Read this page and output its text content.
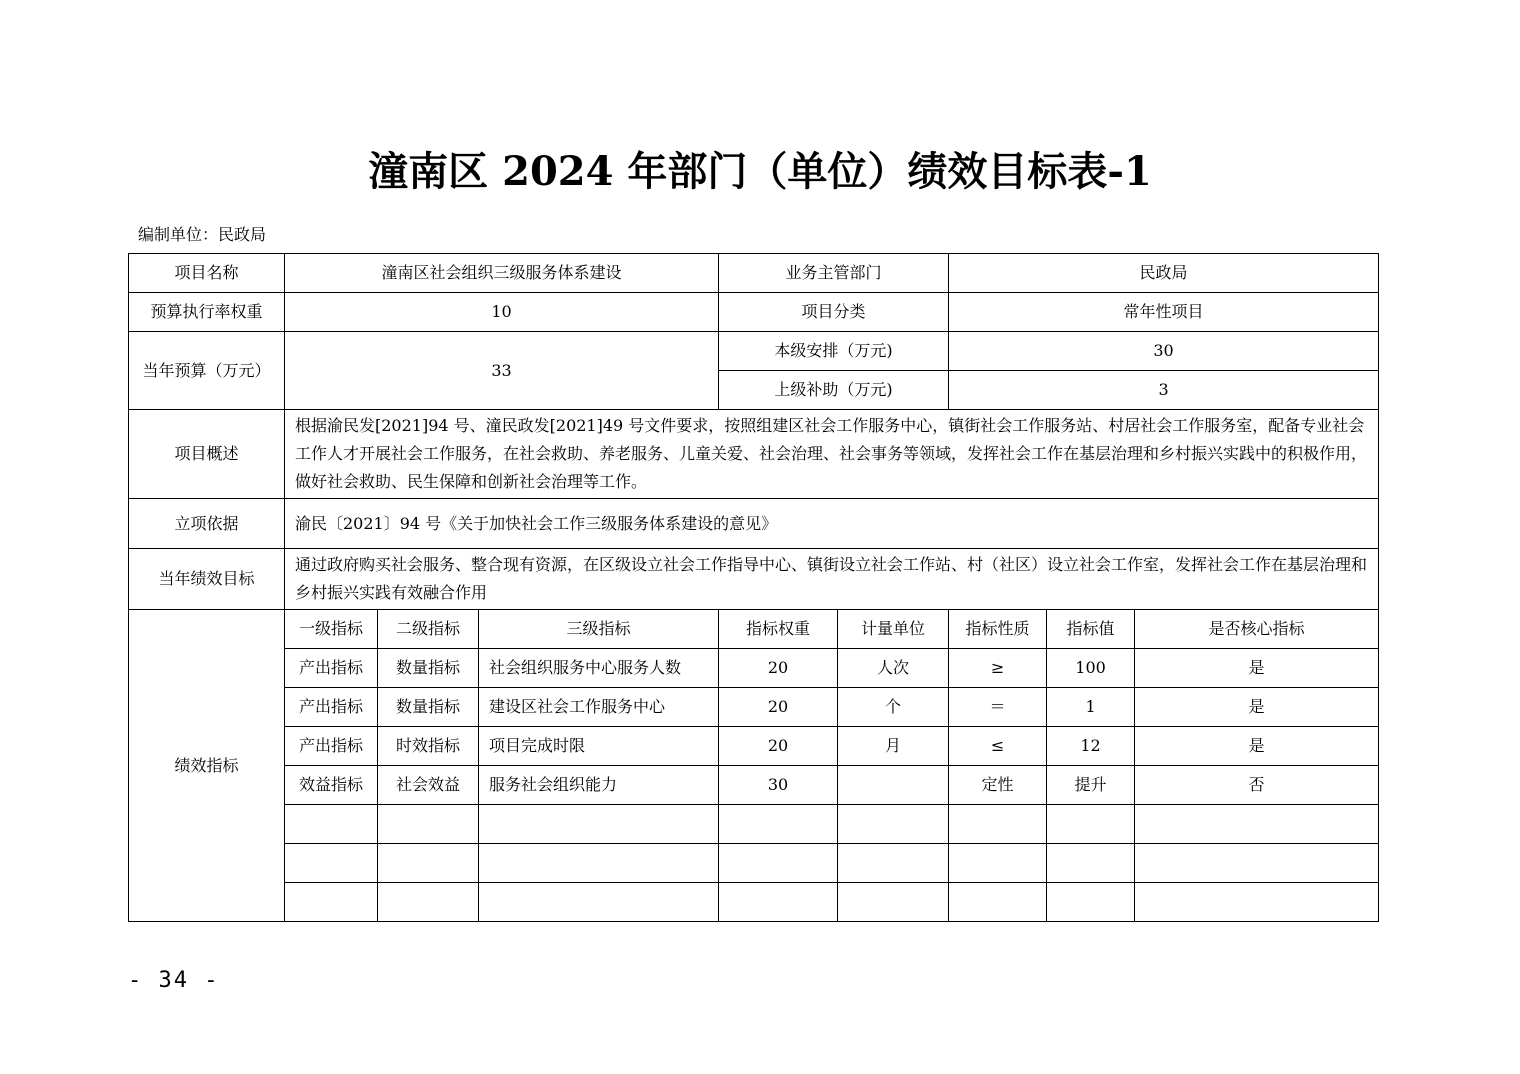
潼南区 2024 年部门（单位）绩效目标表-1
编制单位：民政局
项目名称	潼南区社会组织三级服务体系建设			业务主管部门		民政局		
预算执行率权重	10			项目分类		常年性项目		
当年预算（万元）	33			本级安排（万元)		30		
				上级补助（万元)		3		
项目概述	根据渝民发[2021]94 号、潼民政发[2021]49 号文件要求，按照组建区社会工作服务中心，镇街社会工作服务站、村居社会工作服务室，配备专业社会工作人才开展社会工作服务，在社会救助、养老服务、儿童关爱、社会治理、社会事务等领域，发挥社会工作在基层治理和乡村振兴实践中的积极作用，做好社会救助、民生保障和创新社会治理等工作。							
立项依据	渝民〔2021〕94 号《关于加快社会工作三级服务体系建设的意见》							
当年绩效目标	通过政府购买社会服务、整合现有资源，在区级设立社会工作指导中心、镇街设立社会工作站、村（社区）设立社会工作室，发挥社会工作在基层治理和乡村振兴实践有效融合作用							
绩效指标	一级指标	二级指标	三级指标	指标权重	计量单位	指标性质	指标值	是否核心指标
	产出指标	数量指标	社会组织服务中心服务人数	20	人次	≥	100	是
	产出指标	数量指标	建设区社会工作服务中心	20	个	＝	1	是
	产出指标	时效指标	项目完成时限	20	月	≤	12	是
	效益指标	社会效益	服务社会组织能力	30		定性	提升	否

- 34 -
